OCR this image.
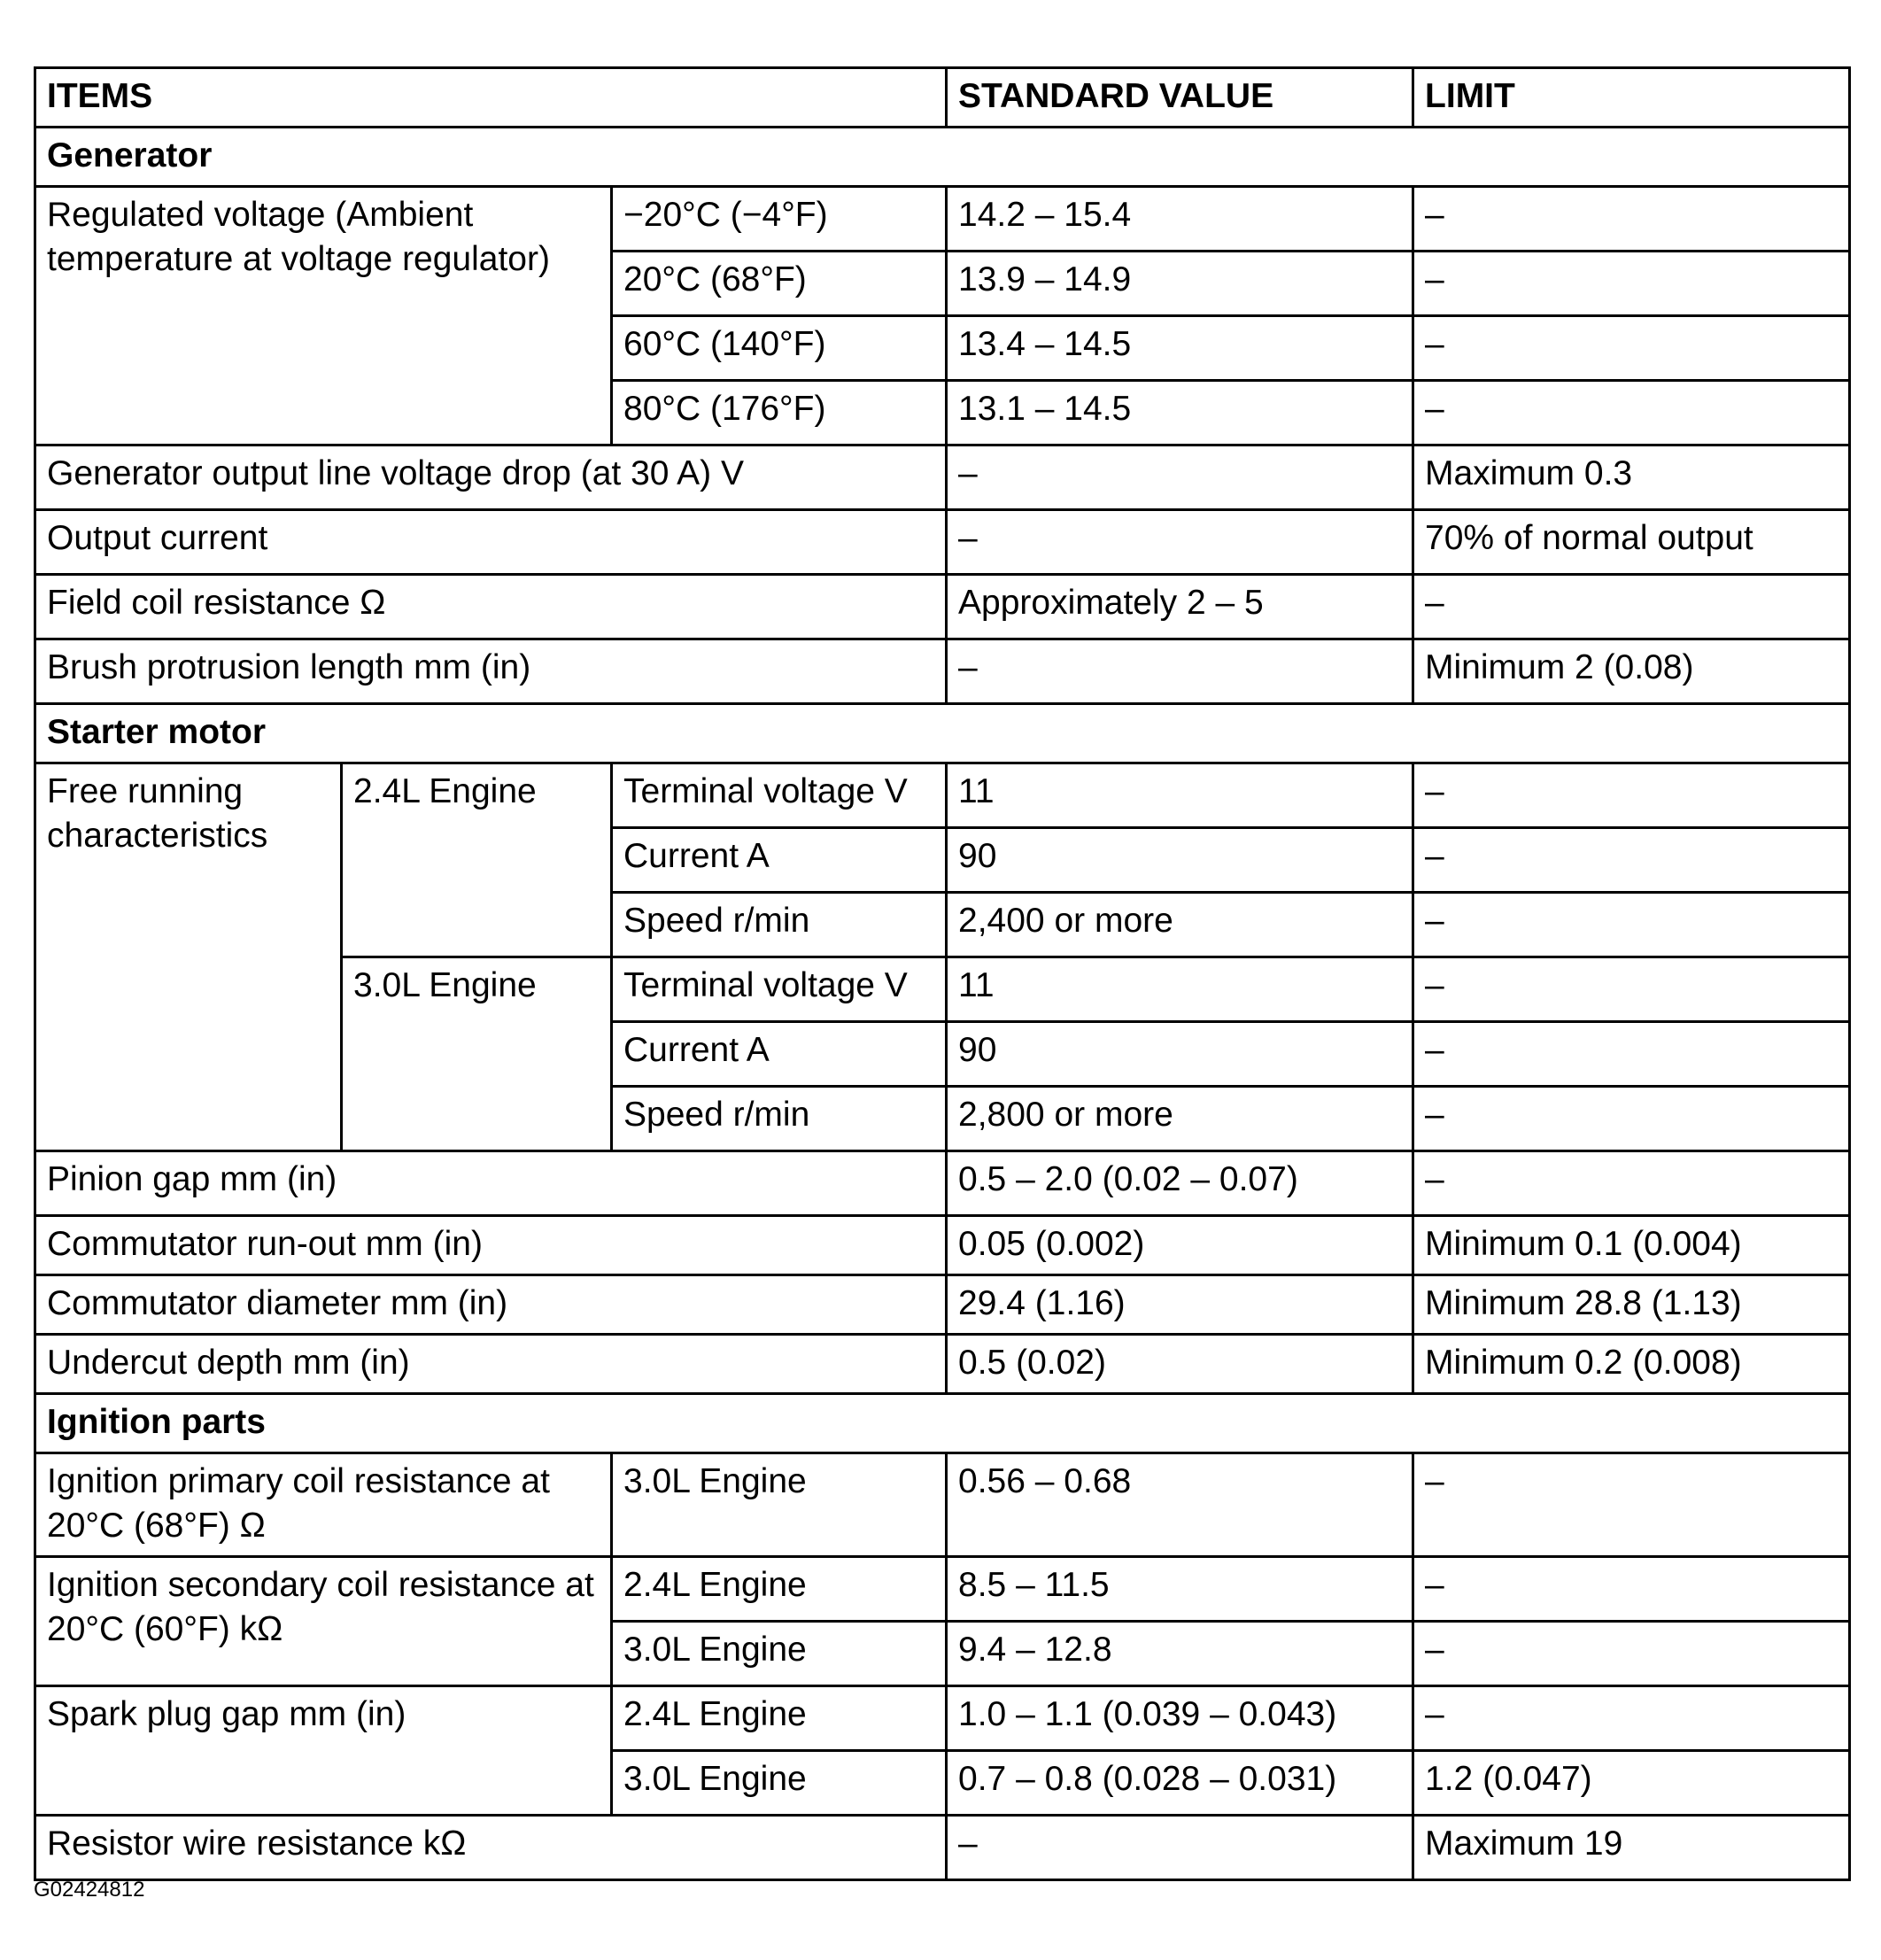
ITEMS			STANDARD VALUE	LIMIT
Generator				
Regulated voltage (Ambient temperature at voltage regulator)		−20°C (−4°F)	14.2 – 15.4	–
		20°C (68°F)	13.9 – 14.9	–
		60°C (140°F)	13.4 – 14.5	–
		80°C (176°F)	13.1 – 14.5	–
Generator output line voltage drop (at 30 A) V			–	Maximum 0.3
Output current			–	70% of normal output
Field coil resistance Ω			Approximately 2 – 5	–
Brush protrusion length mm (in)			–	Minimum 2 (0.08)
Starter motor				
Free running characteristics	2.4L Engine	Terminal voltage V	11	–
		Current A	90	–
		Speed r/min	2,400 or more	–
	3.0L Engine	Terminal voltage V	11	–
		Current A	90	–
		Speed r/min	2,800 or more	–
Pinion gap mm (in)			0.5 – 2.0 (0.02 – 0.07)	–
Commutator run-out mm (in)			0.05 (0.002)	Minimum 0.1 (0.004)
Commutator diameter mm (in)			29.4 (1.16)	Minimum 28.8 (1.13)
Undercut depth mm (in)			0.5 (0.02)	Minimum 0.2 (0.008)
Ignition parts				
Ignition primary coil resistance at 20°C (68°F) Ω		3.0L Engine	0.56 – 0.68	–
Ignition secondary coil resistance at 20°C (60°F) kΩ		2.4L Engine	8.5 – 11.5	–
		3.0L Engine	9.4 – 12.8	–
Spark plug gap mm (in)		2.4L Engine	1.0 – 1.1 (0.039 – 0.043)	–
		3.0L Engine	0.7 – 0.8 (0.028 – 0.031)	1.2 (0.047)
Resistor wire resistance kΩ			–	Maximum 19
G02424812
